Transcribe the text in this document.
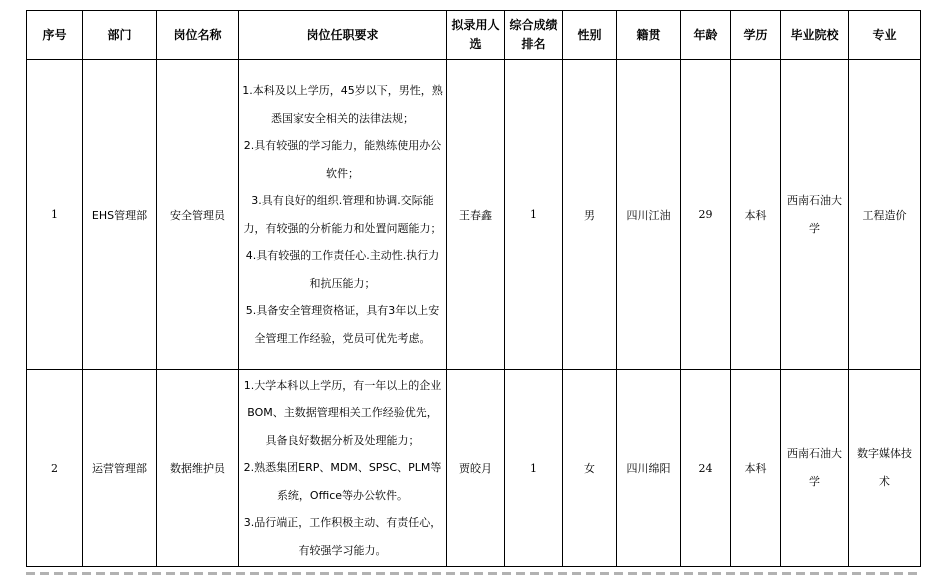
序号	部门	岗位名称	岗位任职要求	拟录用人选	综合成绩排名	性别	籍贯	年龄	学历	毕业院校	专业
1	EHS管理部	安全管理员	1.本科及以上学历，45岁以下，男性，熟悉国家安全相关的法律法规；
2.具有较强的学习能力，能熟练使用办公软件；
3.具有良好的组织.管理和协调.交际能力，有较强的分析能力和处置问题能力；
4.具有较强的工作责任心.主动性.执行力和抗压能力；
5.具备安全管理资格证，具有3年以上安全管理工作经验，党员可优先考虑。	王春鑫	1	男	四川江油	29	本科	西南石油大学	工程造价
2	运营管理部	数据维护员	1.大学本科以上学历，有一年以上的企业BOM、主数据管理相关工作经验优先，具备良好数据分析及处理能力；
2.熟悉集团ERP、MDM、SPSC、PLM等系统，Office等办公软件。
3.品行端正，工作积极主动、有责任心，有较强学习能力。	贾皎月	1	女	四川绵阳	24	本科	西南石油大学	数字媒体技术
